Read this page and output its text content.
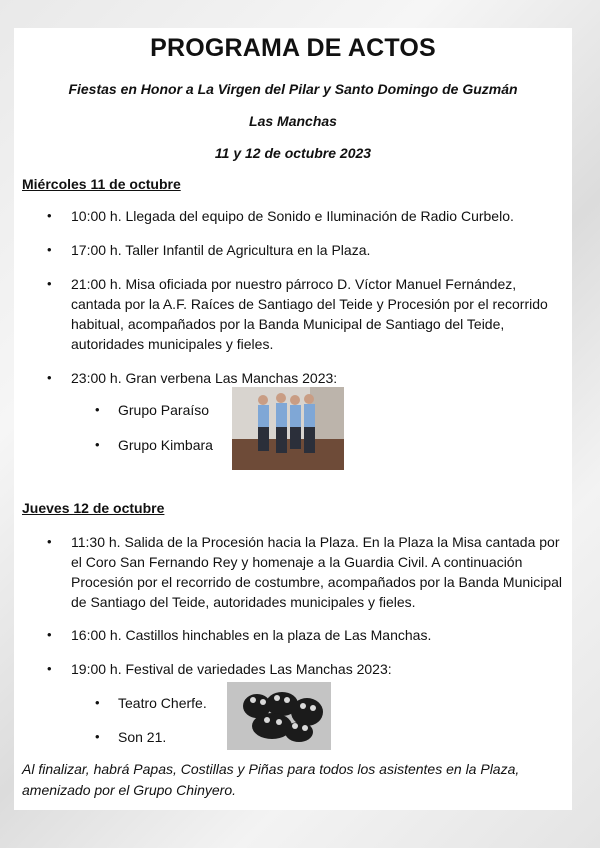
PROGRAMA DE ACTOS
Fiestas en Honor a La Virgen del Pilar y Santo Domingo de Guzmán
Las Manchas
11 y 12 de octubre 2023
Miércoles 11 de octubre
• 10:00 h. Llegada del equipo de Sonido e Iluminación de Radio Curbelo.
• 17:00 h. Taller Infantil de Agricultura en la Plaza.
• 21:00 h. Misa oficiada por nuestro párroco D. Víctor Manuel Fernández, cantada por la A.F. Raíces de Santiago del Teide y Procesión por el recorrido habitual, acompañados por la Banda Municipal de Santiago del Teide, autoridades municipales y fieles.
• 23:00 h. Gran verbena Las Manchas 2023:
• Grupo Paraíso
• Grupo Kimbara
Jueves 12 de octubre
• 11:30 h. Salida de la Procesión hacia la Plaza. En la Plaza la Misa cantada por el Coro San Fernando Rey y homenaje a la Guardia Civil. A continuación Procesión por el recorrido de costumbre, acompañados por la Banda Municipal de Santiago del Teide, autoridades municipales y fieles.
• 16:00 h. Castillos hinchables en la plaza de Las Manchas.
• 19:00 h. Festival de variedades Las Manchas 2023:
• Teatro Cherfe.
• Son 21.
Al finalizar, habrá Papas, Costillas y Piñas para todos los asistentes en la Plaza, amenizado por el Grupo Chinyero.
